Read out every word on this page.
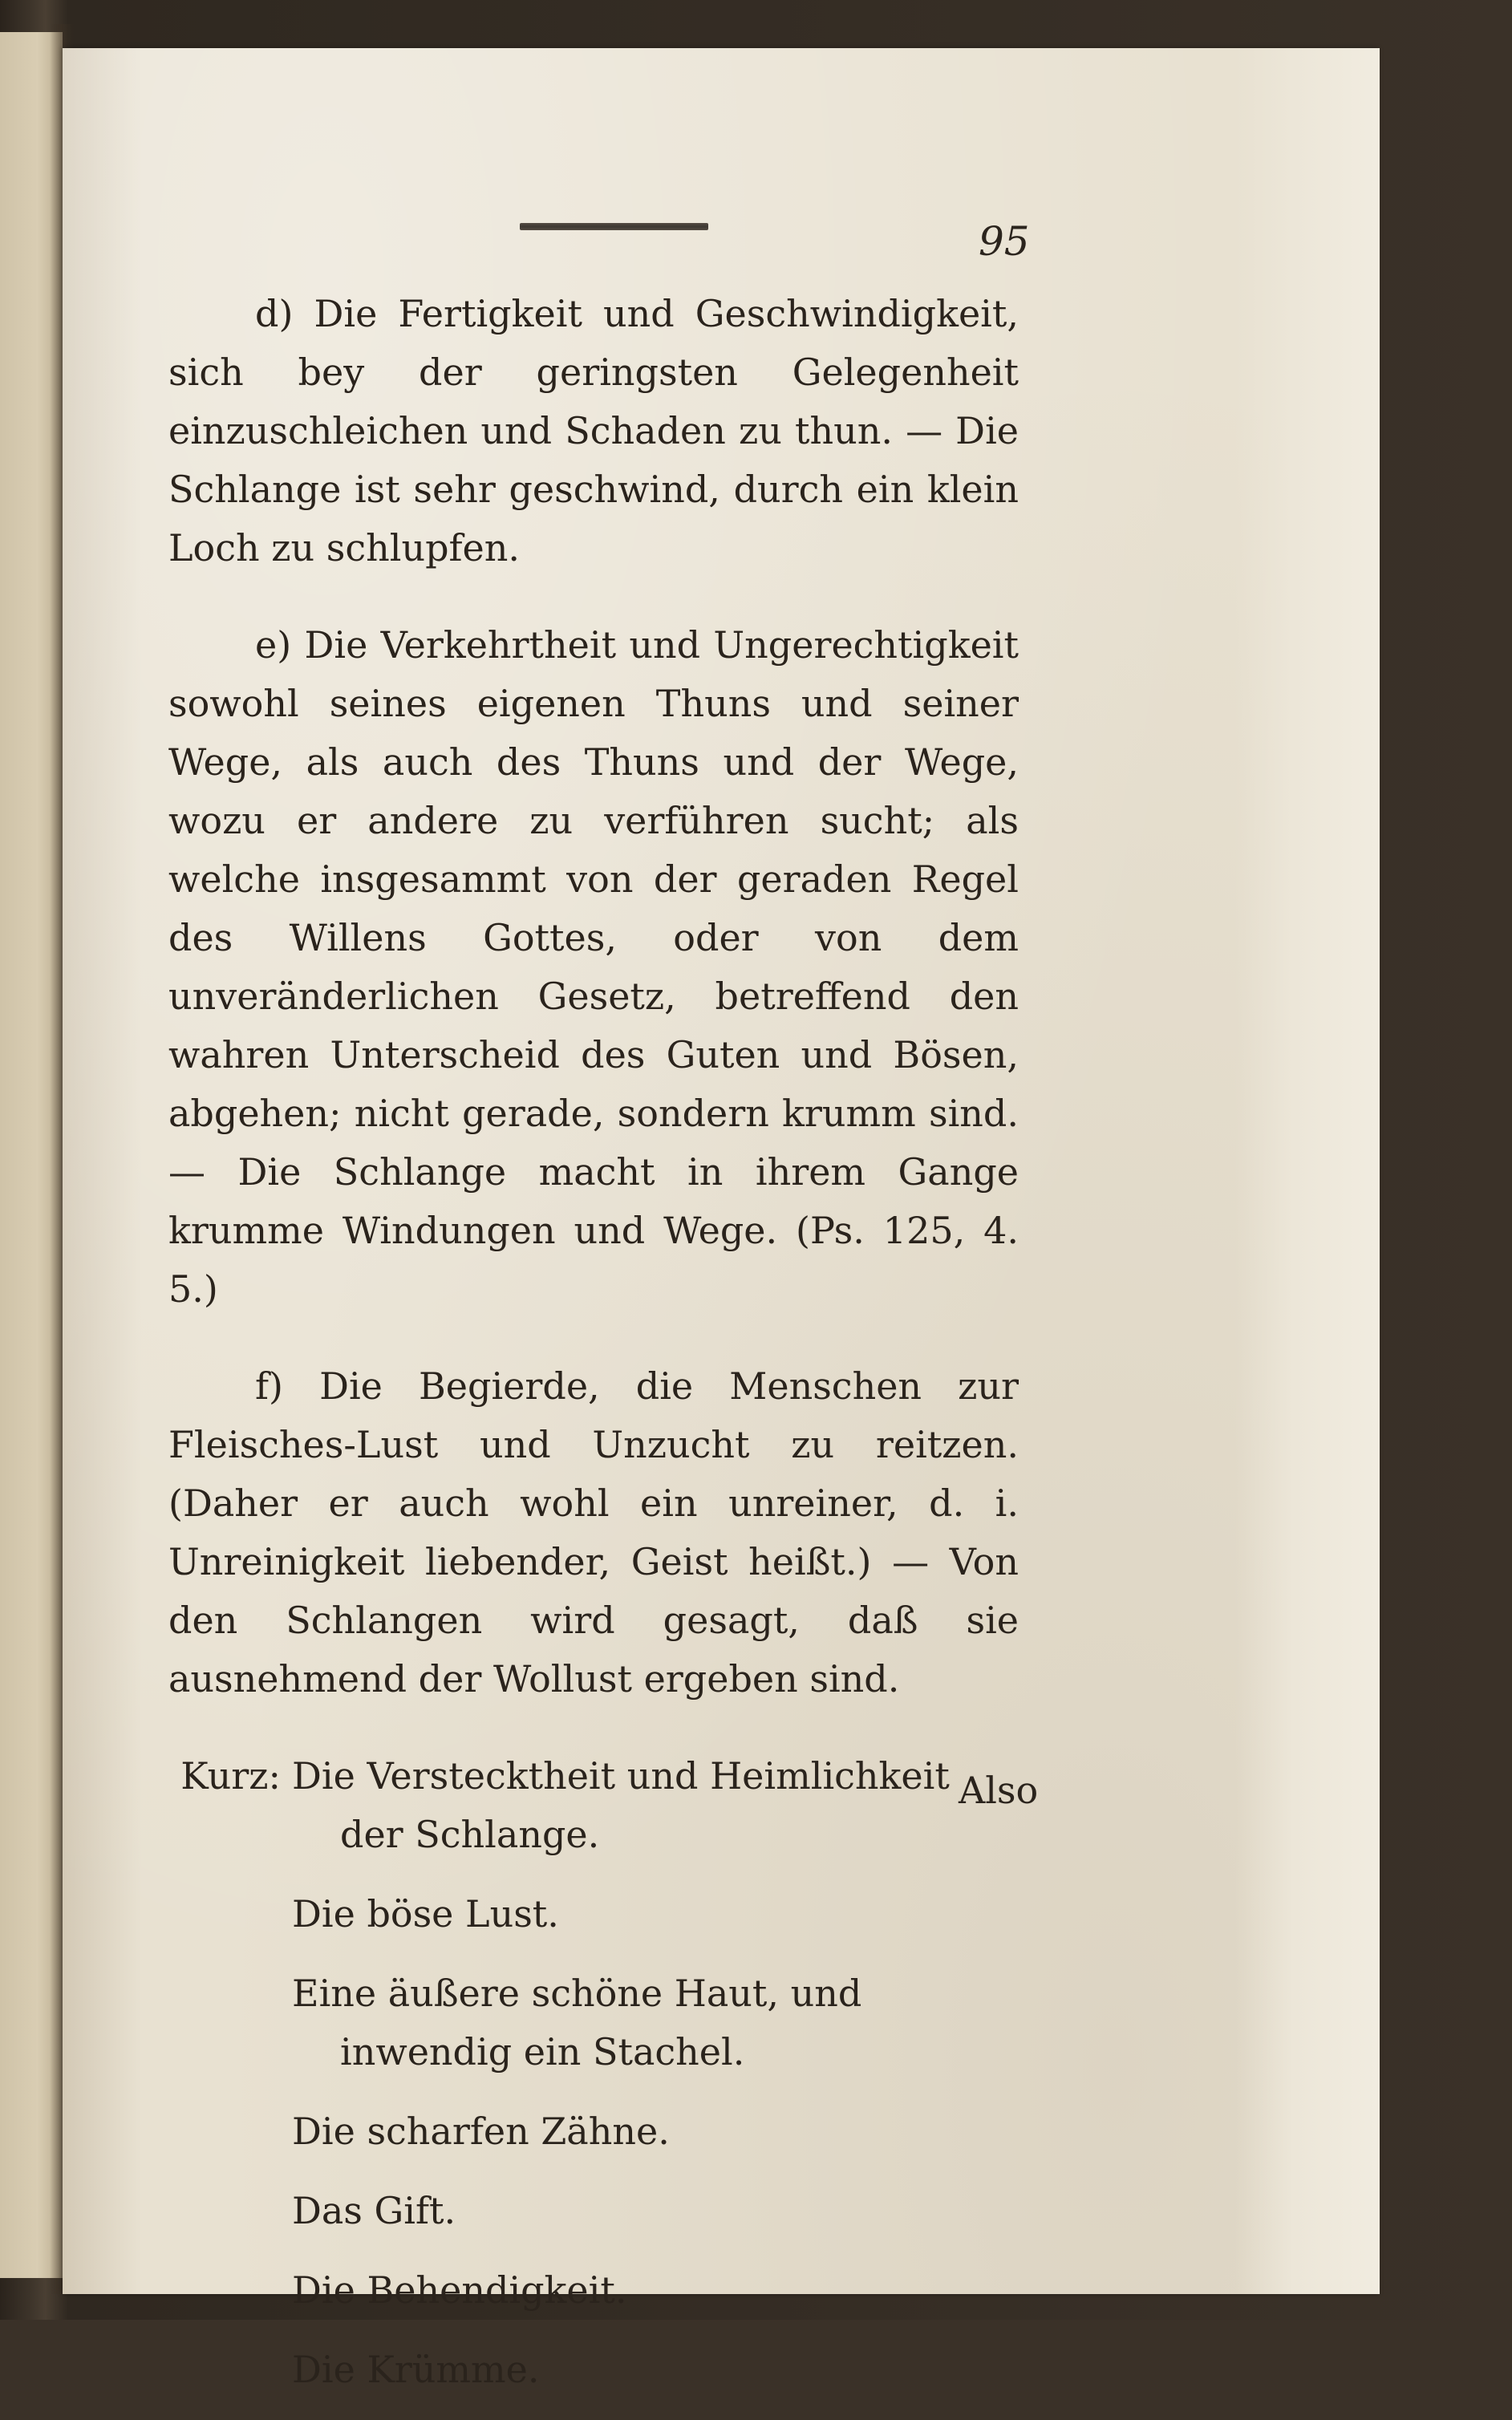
95

d) Die Fertigkeit und Geschwindigkeit, sich bey der geringsten Gelegenheit einzuschleichen und Schaden zu thun. — Die Schlange ist sehr geschwind, durch ein klein Loch zu schlupfen.

e) Die Verkehrtheit und Ungerechtigkeit sowohl seines eigenen Thuns und seiner Wege, als auch des Thuns und der Wege, wozu er andere zu verführen sucht; als welche insgesammt von der geraden Regel des Willens Gottes, oder von dem unveränderlichen Gesetz, betreffend den wahren Unterscheid des Guten und Bösen, abgehen; nicht gerade, sondern krumm sind. — Die Schlange macht in ihrem Gange krumme Windungen und Wege. (Ps. 125, 4. 5.)

f) Die Begierde, die Menschen zur Fleisches-Lust und Unzucht zu reitzen. (Daher er auch wohl ein unreiner, d. i. Unreinigkeit liebender, Geist heißt.) — Von den Schlangen wird gesagt, daß sie ausnehmend der Wollust ergeben sind.

Kurz: Die Verstecktheit und Heimlichkeit der Schlange.
Die böse Lust.
Eine äußere schöne Haut, und inwendig ein Stachel.
Die scharfen Zähne.
Das Gift.
Die Behendigkeit.
Die Krümme.
Also
